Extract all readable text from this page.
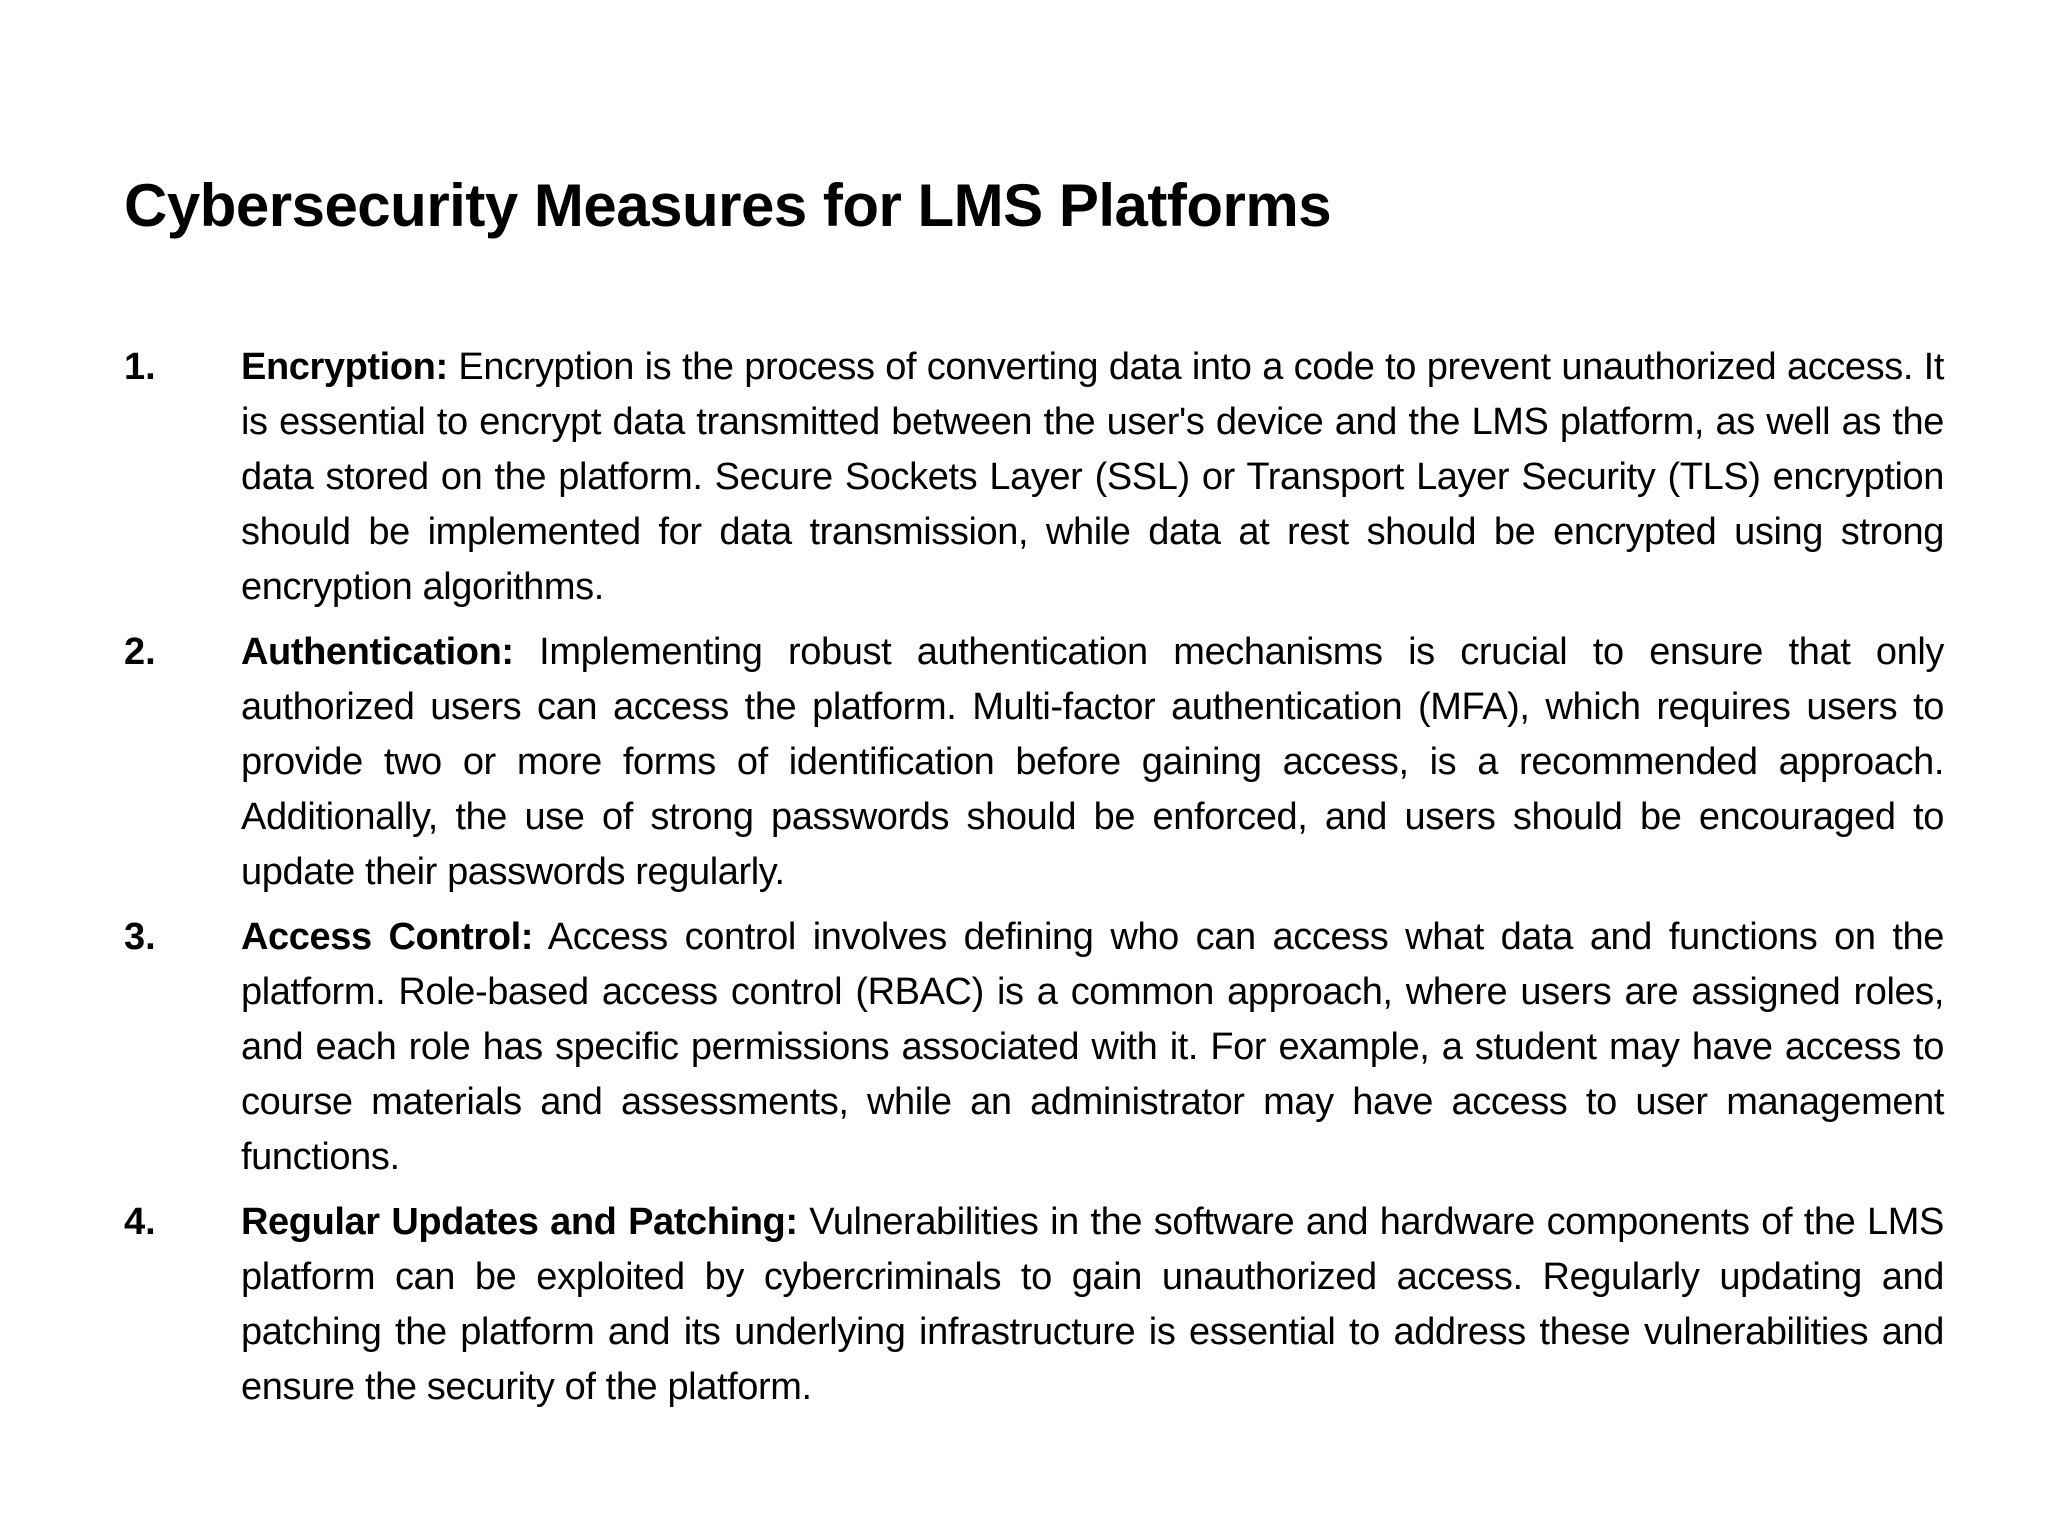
Cybersecurity Measures for LMS Platforms
1. Encryption: Encryption is the process of converting data into a code to prevent unauthorized access. It is essential to encrypt data transmitted between the user's device and the LMS platform, as well as the data stored on the platform. Secure Sockets Layer (SSL) or Transport Layer Security (TLS) encryption should be implemented for data transmission, while data at rest should be encrypted using strong encryption algorithms.

2. Authentication: Implementing robust authentication mechanisms is crucial to ensure that only authorized users can access the platform. Multi-factor authentication (MFA), which requires users to provide two or more forms of identification before gaining access, is a recommended approach. Additionally, the use of strong passwords should be enforced, and users should be encouraged to update their passwords regularly.

3. Access Control: Access control involves defining who can access what data and functions on the platform. Role-based access control (RBAC) is a common approach, where users are assigned roles, and each role has specific permissions associated with it. For example, a student may have access to course materials and assessments, while an administrator may have access to user management functions.

4. Regular Updates and Patching: Vulnerabilities in the software and hardware components of the LMS platform can be exploited by cybercriminals to gain unauthorized access. Regularly updating and patching the platform and its underlying infrastructure is essential to address these vulnerabilities and ensure the security of the platform.
